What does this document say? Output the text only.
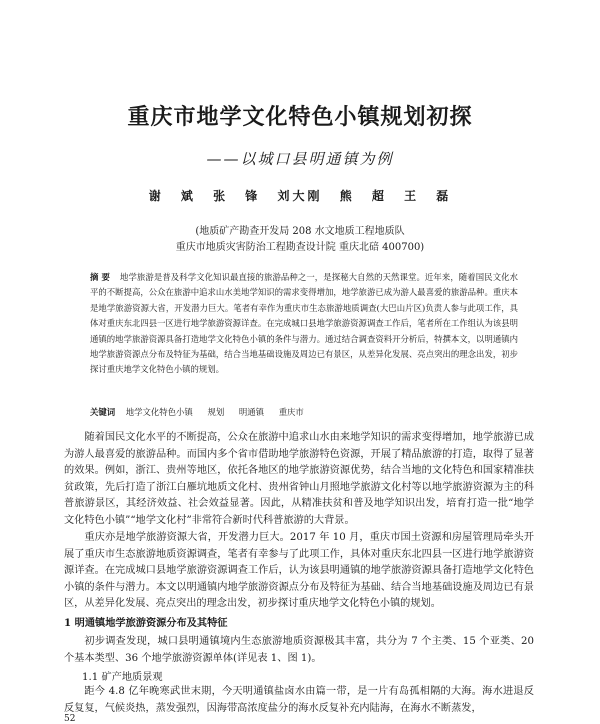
重庆市地学文化特色小镇规划初探
——以城口县明通镇为例
谢 斌 张 锋 刘大刚 熊 超 王 磊
(地质矿产勘查开发局 208 水文地质工程地质队
重庆市地质灾害防治工程勘查设计院 重庆北碚 400700)
摘 要 地学旅游是普及科学文化知识最直接的旅游品种之一，是探秘大自然的天然课堂。近年来，随着国民文化水平的不断提高，公众在旅游中追求山水美地学知识的需求变得增加，地学旅游已成为游人最喜爱的旅游品种。重庆本是地学旅游资源大省，开发潜力巨大。笔者有幸作为重庆市生态旅游地质调查(大巴山片区)负责人参与此项工作，具体对重庆东北四县一区进行地学旅游资源详查。在完成城口县地学旅游资源调查工作后，笔者所在工作组认为该县明通镇的地学旅游资源具备打造地学文化特色小镇的条件与潜力。通过结合调查资料开分析后，特撰本文，以明通镇内地学旅游资源点分布及特征为基础，结合当地基础设施及周边已有景区，从差异化发展、亮点突出的理念出发，初步探讨重庆地学文化特色小镇的规划。
关键词 地学文化特色小镇 规划 明通镇 重庆市
随着国民文化水平的不断提高，公众在旅游中追求山水由来地学知识的需求变得增加，地学旅游已成为游人最喜爱的旅游品种。而国内多个省市借助地学旅游特色资源，开展了精品旅游的打造，取得了显著的效果。例如，浙江、贵州等地区，依托各地区的地学旅游资源优势，结合当地的文化特色和国家精准扶贫政策，先后打造了浙江白雁坑地质文化村、贵州省钟山月照地学旅游文化村等以地学旅游资源为主的科普旅游景区，其经济效益、社会效益显著。因此，从精准扶贫和普及地学知识出发，培育打造一批“地学文化特色小镇”“地学文化村”非常符合新时代科普旅游的大背景。
重庆亦是地学旅游资源大省，开发潜力巨大。2017 年 10 月，重庆市国土资源和房屋管理局牵头开展了重庆市生态旅游地质资源调查，笔者有幸参与了此项工作，具体对重庆东北四县一区进行地学旅游资源详查。在完成城口县地学旅游资源调查工作后，认为该县明通镇的地学旅游资源具备打造地学文化特色小镇的条件与潜力。本文以明通镇内地学旅游资源点分布及特征为基础、结合当地基础设施及周边已有景区，从差异化发展、亮点突出的理念出发，初步探讨重庆地学文化特色小镇的规划。
1 明通镇地学旅游资源分布及其特征
初步调查发现，城口县明通镇境内生态旅游地质资源极其丰富，共分为 7 个主类、15 个亚类、20 个基本类型、36 个地学旅游资源单体(详见表 1、图 1)。
1.1 矿产地质景观
距今 4.8 亿年晚寒武世末期，今天明通镇盐卤水由篇一带，是一片有岛孤相隔的大海。海水进退反反复复，气候炎热，蒸发强烈，因海带高浓度盐分的海水反复补充内陆海，在海水不断蒸发，
52
